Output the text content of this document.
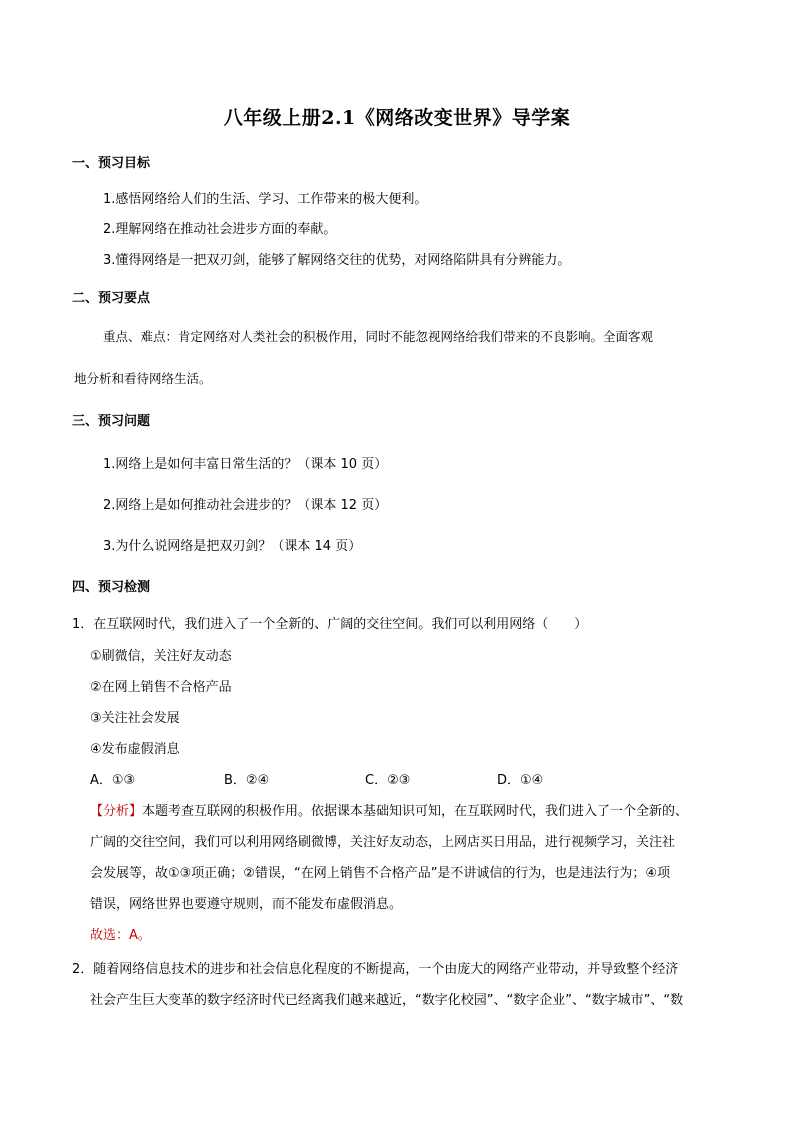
八年级上册2.1《网络改变世界》导学案
一、预习目标
1.感悟网络给人们的生活、学习、工作带来的极大便利。
2.理解网络在推动社会进步方面的奉献。
3.懂得网络是一把双刃剑，能够了解网络交往的优势，对网络陷阱具有分辨能力。
二、预习要点
重点、难点：肯定网络对人类社会的积极作用，同时不能忽视网络给我们带来的不良影响。全面客观
地分析和看待网络生活。
三、预习问题
1.网络上是如何丰富日常生活的？（课本 10 页）
2.网络上是如何推动社会进步的？（课本 12 页）
3.为什么说网络是把双刃剑？（课本 14 页）
四、预习检测
1．在互联网时代，我们进入了一个全新的、广阔的交往空间。我们可以利用网络（　　）
①刷微信，关注好友动态
②在网上销售不合格产品
③关注社会发展
④发布虚假消息
A．①③	B．②④	C．②③	D．①④
【分析】本题考查互联网的积极作用。依据课本基础知识可知，在互联网时代，我们进入了一个全新的、
广阔的交往空间，我们可以利用网络刷微博，关注好友动态，上网店买日用品，进行视频学习，关注社
会发展等，故①③项正确；②错误，“在网上销售不合格产品”是不讲诚信的行为，也是违法行为；④项
错误，网络世界也要遵守规则，而不能发布虚假消息。
故选：A。
2．随着网络信息技术的进步和社会信息化程度的不断提高，一个由庞大的网络产业带动，并导致整个经济
社会产生巨大变革的数字经济时代已经离我们越来越近，“数字化校园”、“数字企业”、“数字城市”、“数
